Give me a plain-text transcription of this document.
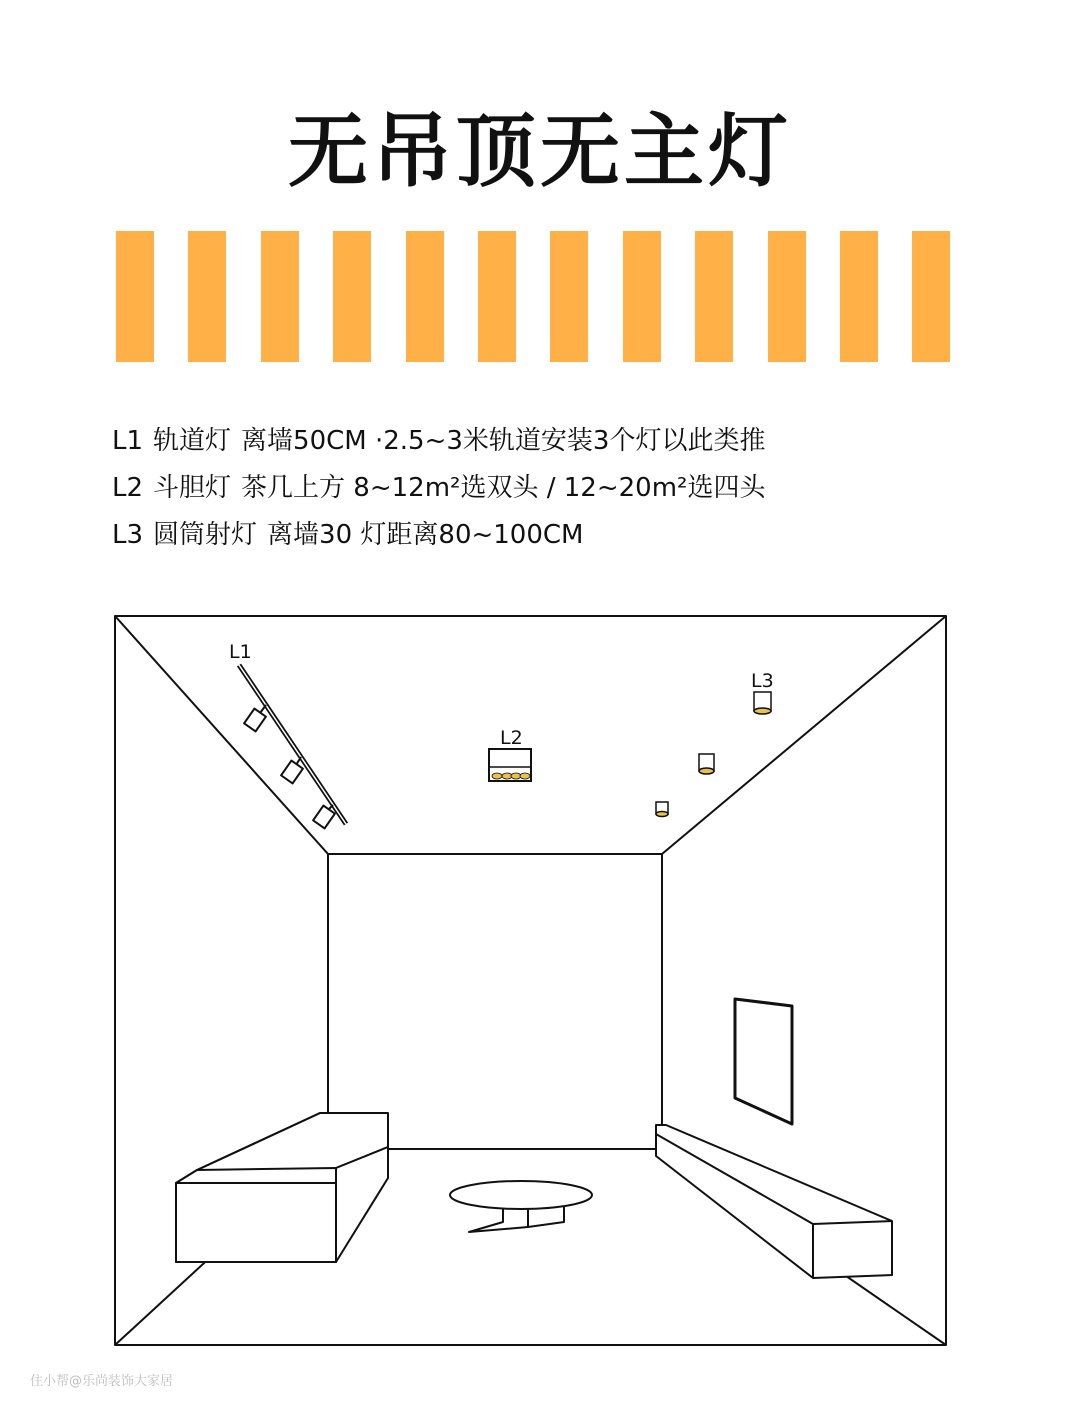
无吊顶无主灯
L1 轨道灯 离墙50CM ·2.5~3米轨道安装3个灯以此类推
L2 斗胆灯 茶几上方 8~12m²选双头 / 12~20m²选四头
L3 圆筒射灯 离墙30 灯距离80~100CM
L1
L2
L3
住小帮@乐尚装饰大家居
